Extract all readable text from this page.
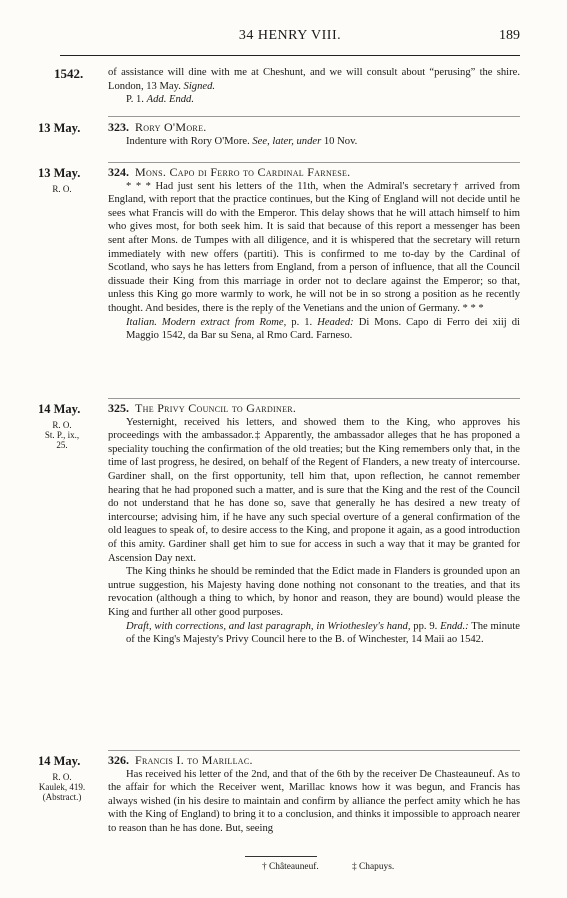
34 HENRY VIII.	189
1542. of assistance will dine with me at Cheshunt, and we will consult about “perusing” the shire. London, 13 May. Signed.

P. 1. Add. Endd.

13 May.	323. Rory O'More.

Indenture with Rory O'More. See, later, under 10 Nov.

13 May.
R. O.

324. Mons. Capo di Ferro to Cardinal Farnese.

* * * Had just sent his letters of the 11th, when the Admiral's secretary† arrived from England, with report that the practice continues, but the King of England will not decide until he sees what Francis will do with the Emperor. This delay shows that he will attach himself to him who gives most, for both seek him. It is said that because of this report a messenger has been sent after Mons. de Tumpes with all diligence, and it is whispered that the secretary will return immediately with new offers (partiti). This is confirmed to me to-day by the Cardinal of Scotland, who says he has letters from England, from a person of influence, that all the Council dissuade their King from this marriage in order not to declare against the Emperor; so that, unless this King go more warmly to work, he will not be in so strong a position as he recently thought. And besides, there is the reply of the Venetians and the union of Germany. * * *

Italian. Modern extract from Rome, p. 1. Headed: Di Mons. Capo di Ferro dei xiij di Maggio 1542, da Bar su Sena, al Rmo Card. Farneso.

14 May.
R. O.
St. P., ix.,
25.

325. The Privy Council to Gardiner.

Yesternight, received his letters, and showed them to the King, who approves his proceedings with the ambassador.‡ Apparently, the ambassador alleges that he has proponed a speciality touching the confirmation of the old treaties; but the King remembers only that, in the time of last progress, he desired, on behalf of the Regent of Flanders, a new treaty of intercourse. Gardiner shall, on the first opportunity, tell him that, upon reflection, he cannot remember hearing that he had proponed such a matter, and is sure that the King and the rest of the Council do not understand that he has done so, save that generally he has desired a new treaty of intercourse; advising him, if he have any such special overture of a general confirmation of the old leagues to speak of, to desire access to the King, and propone it again, as a good introduction of this amity. Gardiner shall get him to sue for access in such a way that it may be granted for Ascension Day next.

The King thinks he should be reminded that the Edict made in Flanders is grounded upon an untrue suggestion, his Majesty having done nothing not consonant to the treaties, and that its revocation (although a thing to which, by honor and reason, they are bound) would please the King and further all other good purposes.

Draft, with corrections, and last paragraph, in Wriothesley's hand, pp. 9. Endd.: The minute of the King's Majesty's Privy Council here to the B. of Winchester, 14 Maii ao 1542.

14 May.
R. O.
Kaulek, 419.
(Abstract.)

326. Francis I. to Marillac.

Has received his letter of the 2nd, and that of the 6th by the receiver De Chasteauneuf. As to the affair for which the Receiver went, Marillac knows how it was begun, and Francis has always wished (in his desire to maintain and confirm by alliance the perfect amity which he has with the King of England) to bring it to a conclusion, and thinks it impossible to approach nearer to reason than he has done. But, seeing

† Châteauneuf.	‡ Chapuys.
